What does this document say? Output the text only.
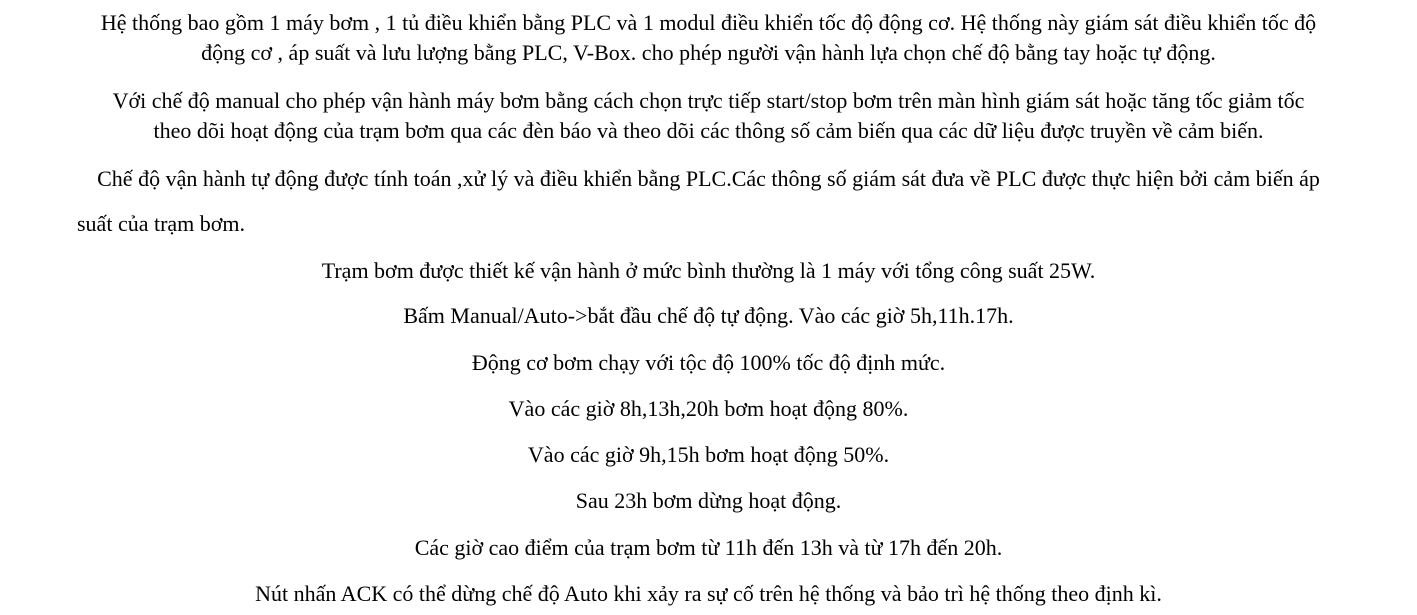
Hệ thống bao gồm 1 máy bơm , 1 tủ điều khiển bằng PLC và 1 modul điều khiển tốc độ động cơ. Hệ thống này giám sát điều khiển tốc độ

động cơ , áp suất và lưu lượng bằng PLC, V-Box. cho phép người vận hành lựa chọn chế độ bằng tay hoặc tự động.

Với chế độ manual cho phép vận hành máy bơm bằng cách chọn trực tiếp start/stop bơm trên màn hình giám sát hoặc tăng tốc giảm tốc

theo dõi hoạt động của trạm bơm qua các đèn báo và theo dõi các thông số cảm biến qua các dữ liệu được truyền về cảm biến.

Chế độ vận hành tự động được tính toán ,xử lý và điều khiển bằng PLC.Các thông số giám sát đưa về PLC được thực hiện bởi cảm biến áp

suất của trạm bơm.

Trạm bơm được thiết kế vận hành ở mức bình thường là 1 máy với tổng công suất 25W.

Bấm Manual/Auto->bắt đầu chế độ tự động. Vào các giờ 5h,11h.17h.

Động cơ bơm chạy với tộc độ 100% tốc độ định mức.

Vào các giờ 8h,13h,20h bơm hoạt động 80%.

Vào các giờ 9h,15h bơm hoạt động 50%.

Sau 23h bơm dừng hoạt động.

Các giờ cao điểm của trạm bơm từ 11h đến 13h và từ 17h đến 20h.

Nút nhấn ACK có thể dừng chế độ Auto khi xảy ra sự cố trên hệ thống và bảo trì hệ thống theo định kì.
